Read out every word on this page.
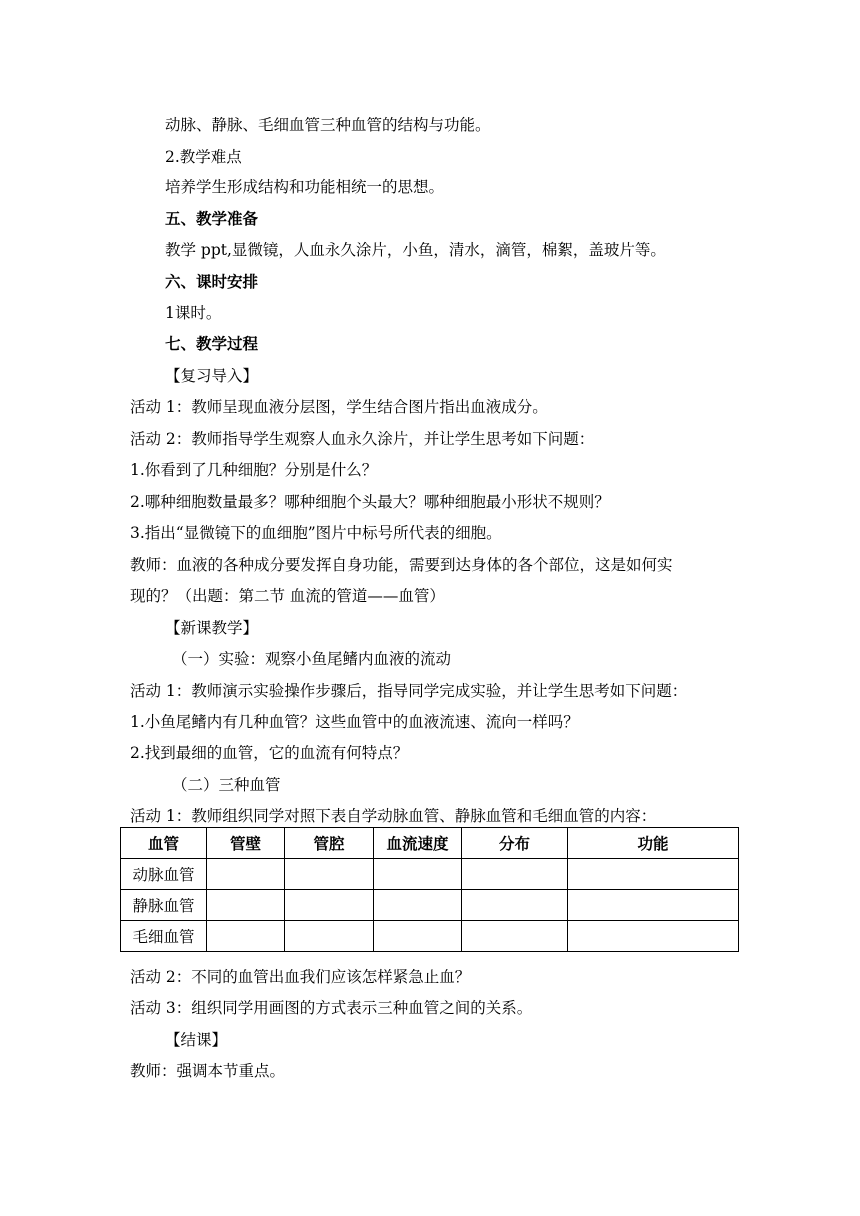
动脉、静脉、毛细血管三种血管的结构与功能。
2.教学难点
培养学生形成结构和功能相统一的思想。
五、教学准备
教学 ppt,显微镜，人血永久涂片，小鱼，清水，滴管，棉絮，盖玻片等。
六、课时安排
1课时。
七、教学过程
【复习导入】
活动 1：教师呈现血液分层图，学生结合图片指出血液成分。
活动 2：教师指导学生观察人血永久涂片，并让学生思考如下问题：
1.你看到了几种细胞？分别是什么？
2.哪种细胞数量最多？哪种细胞个头最大？哪种细胞最小形状不规则？
3.指出“显微镜下的血细胞”图片中标号所代表的细胞。
教师：血液的各种成分要发挥自身功能，需要到达身体的各个部位，这是如何实
现的？（出题：第二节 血流的管道——血管）
【新课教学】
（一）实验：观察小鱼尾鳍内血液的流动
活动 1：教师演示实验操作步骤后，指导同学完成实验，并让学生思考如下问题：
1.小鱼尾鳍内有几种血管？这些血管中的血液流速、流向一样吗？
2.找到最细的血管，它的血流有何特点？
（二）三种血管
活动 1：教师组织同学对照下表自学动脉血管、静脉血管和毛细血管的内容：
血管	管壁	管腔	血流速度	分布	功能
动脉血管					
静脉血管					
毛细血管					
活动 2：不同的血管出血我们应该怎样紧急止血？
活动 3：组织同学用画图的方式表示三种血管之间的关系。
【结课】
教师：强调本节重点。
